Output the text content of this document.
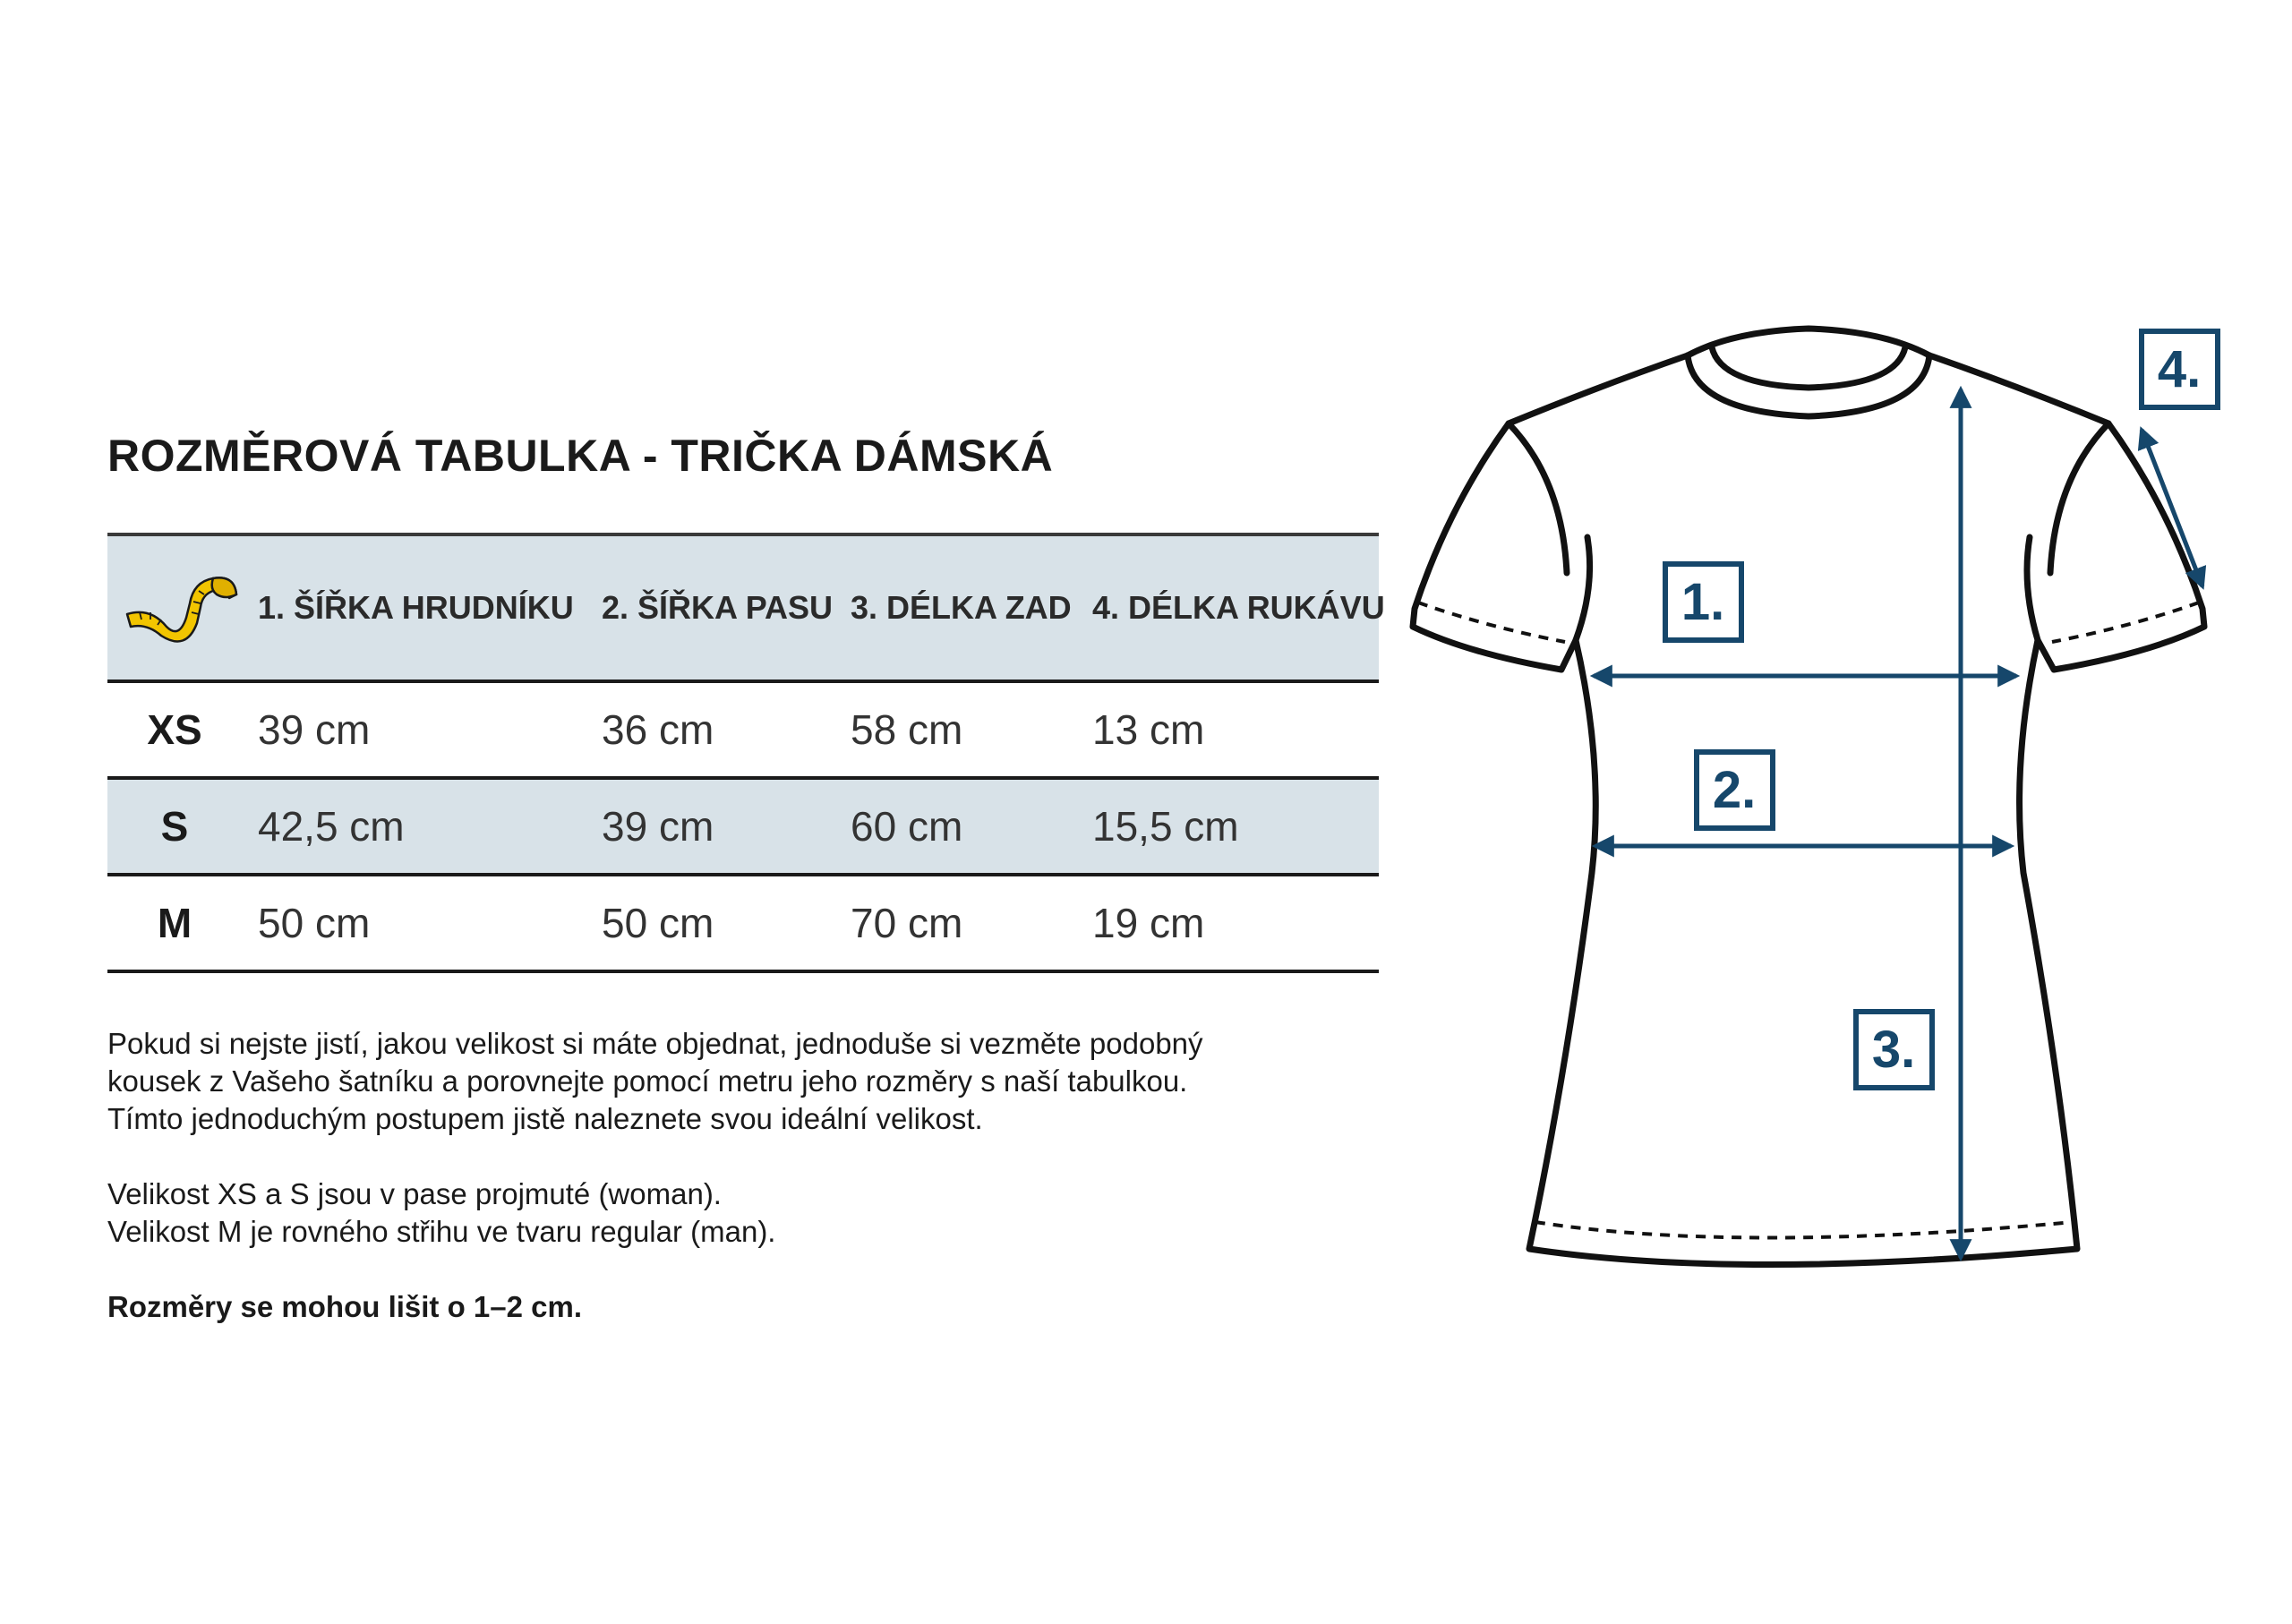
ROZMĚROVÁ TABULKA - TRIČKA DÁMSKÁ
1. ŠÍŘKA HRUDNÍKU 2. ŠÍŘKA PASU 3. DÉLKA ZAD 4. DÉLKA RUKÁVU
XS	39 cm	36 cm	58 cm	13 cm
S	42,5 cm	39 cm	60 cm	15,5 cm
M	50 cm	50 cm	70 cm	19 cm

Pokud si nejste jistí, jakou velikost si máte objednat, jednoduše si vezměte podobný

kousek z Vašeho šatníku a porovnejte pomocí metru jeho rozměry s naší tabulkou.

Tímto jednoduchým postupem jistě naleznete svou ideální velikost.

Velikost XS a S jsou v pase projmuté (woman).

Velikost M je rovného střihu ve tvaru regular (man).

Rozměry se mohou lišit o 1–2 cm.

1.
2.
3.
4.
